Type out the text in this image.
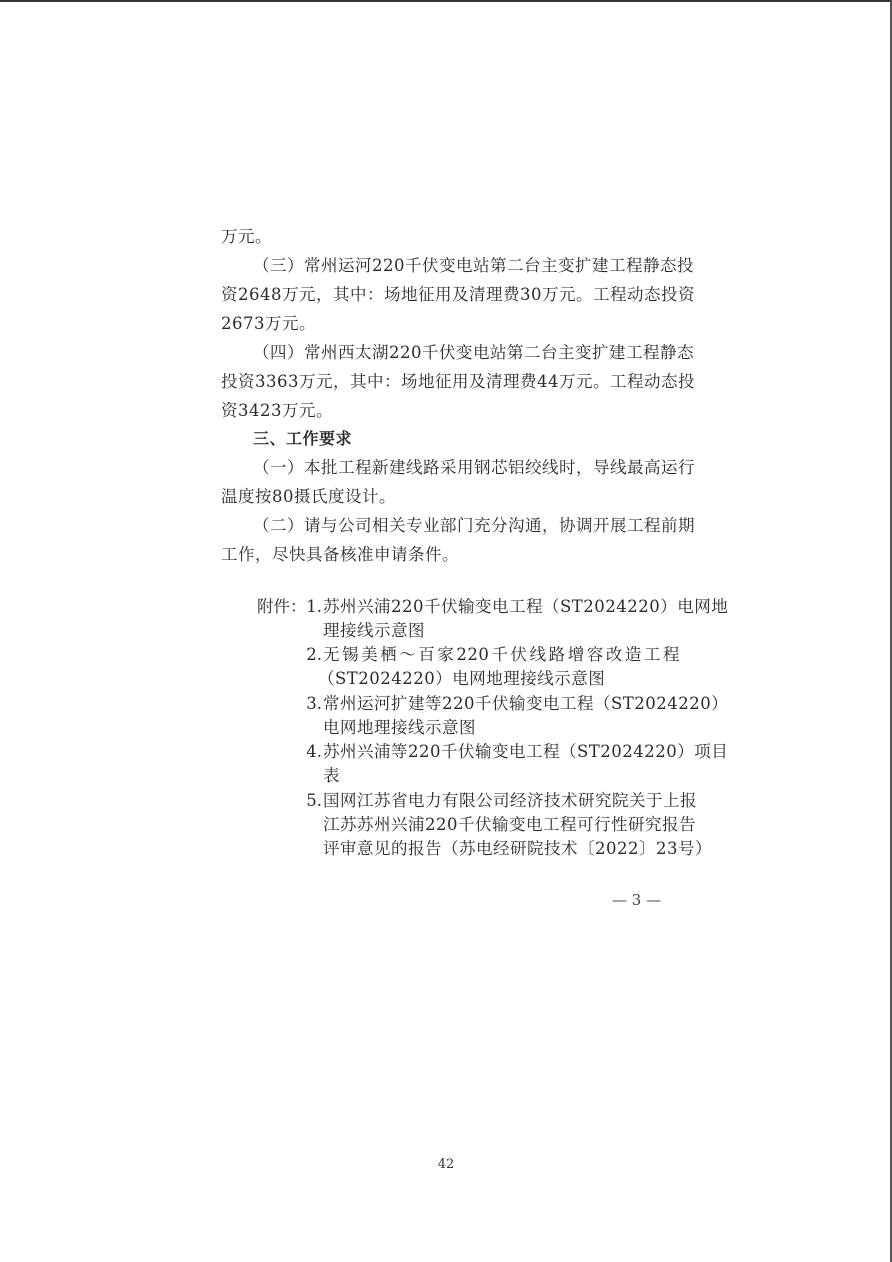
万元。
（三）常州运河220千伏变电站第二台主变扩建工程静态投
资2648万元，其中：场地征用及清理费30万元。工程动态投资
2673万元。
（四）常州西太湖220千伏变电站第二台主变扩建工程静态
投资3363万元，其中：场地征用及清理费44万元。工程动态投
资3423万元。
三、工作要求
（一）本批工程新建线路采用钢芯铝绞线时，导线最高运行
温度按80摄氏度设计。
（二）请与公司相关专业部门充分沟通，协调开展工程前期
工作，尽快具备核准申请条件。
附件： 1. 苏州兴浦220千伏输变电工程（ST2024220）电网地
理接线示意图
2. 无锡美栖～百家220千伏线路增容改造工程
（ST2024220）电网地理接线示意图
3. 常州运河扩建等220千伏输变电工程（ST2024220）
电网地理接线示意图
4. 苏州兴浦等220千伏输变电工程（ST2024220）项目
表
5. 国网江苏省电力有限公司经济技术研究院关于上报
江苏苏州兴浦220千伏输变电工程可行性研究报告
评审意见的报告（苏电经研院技术〔2022〕23号）
— 3 —
42
